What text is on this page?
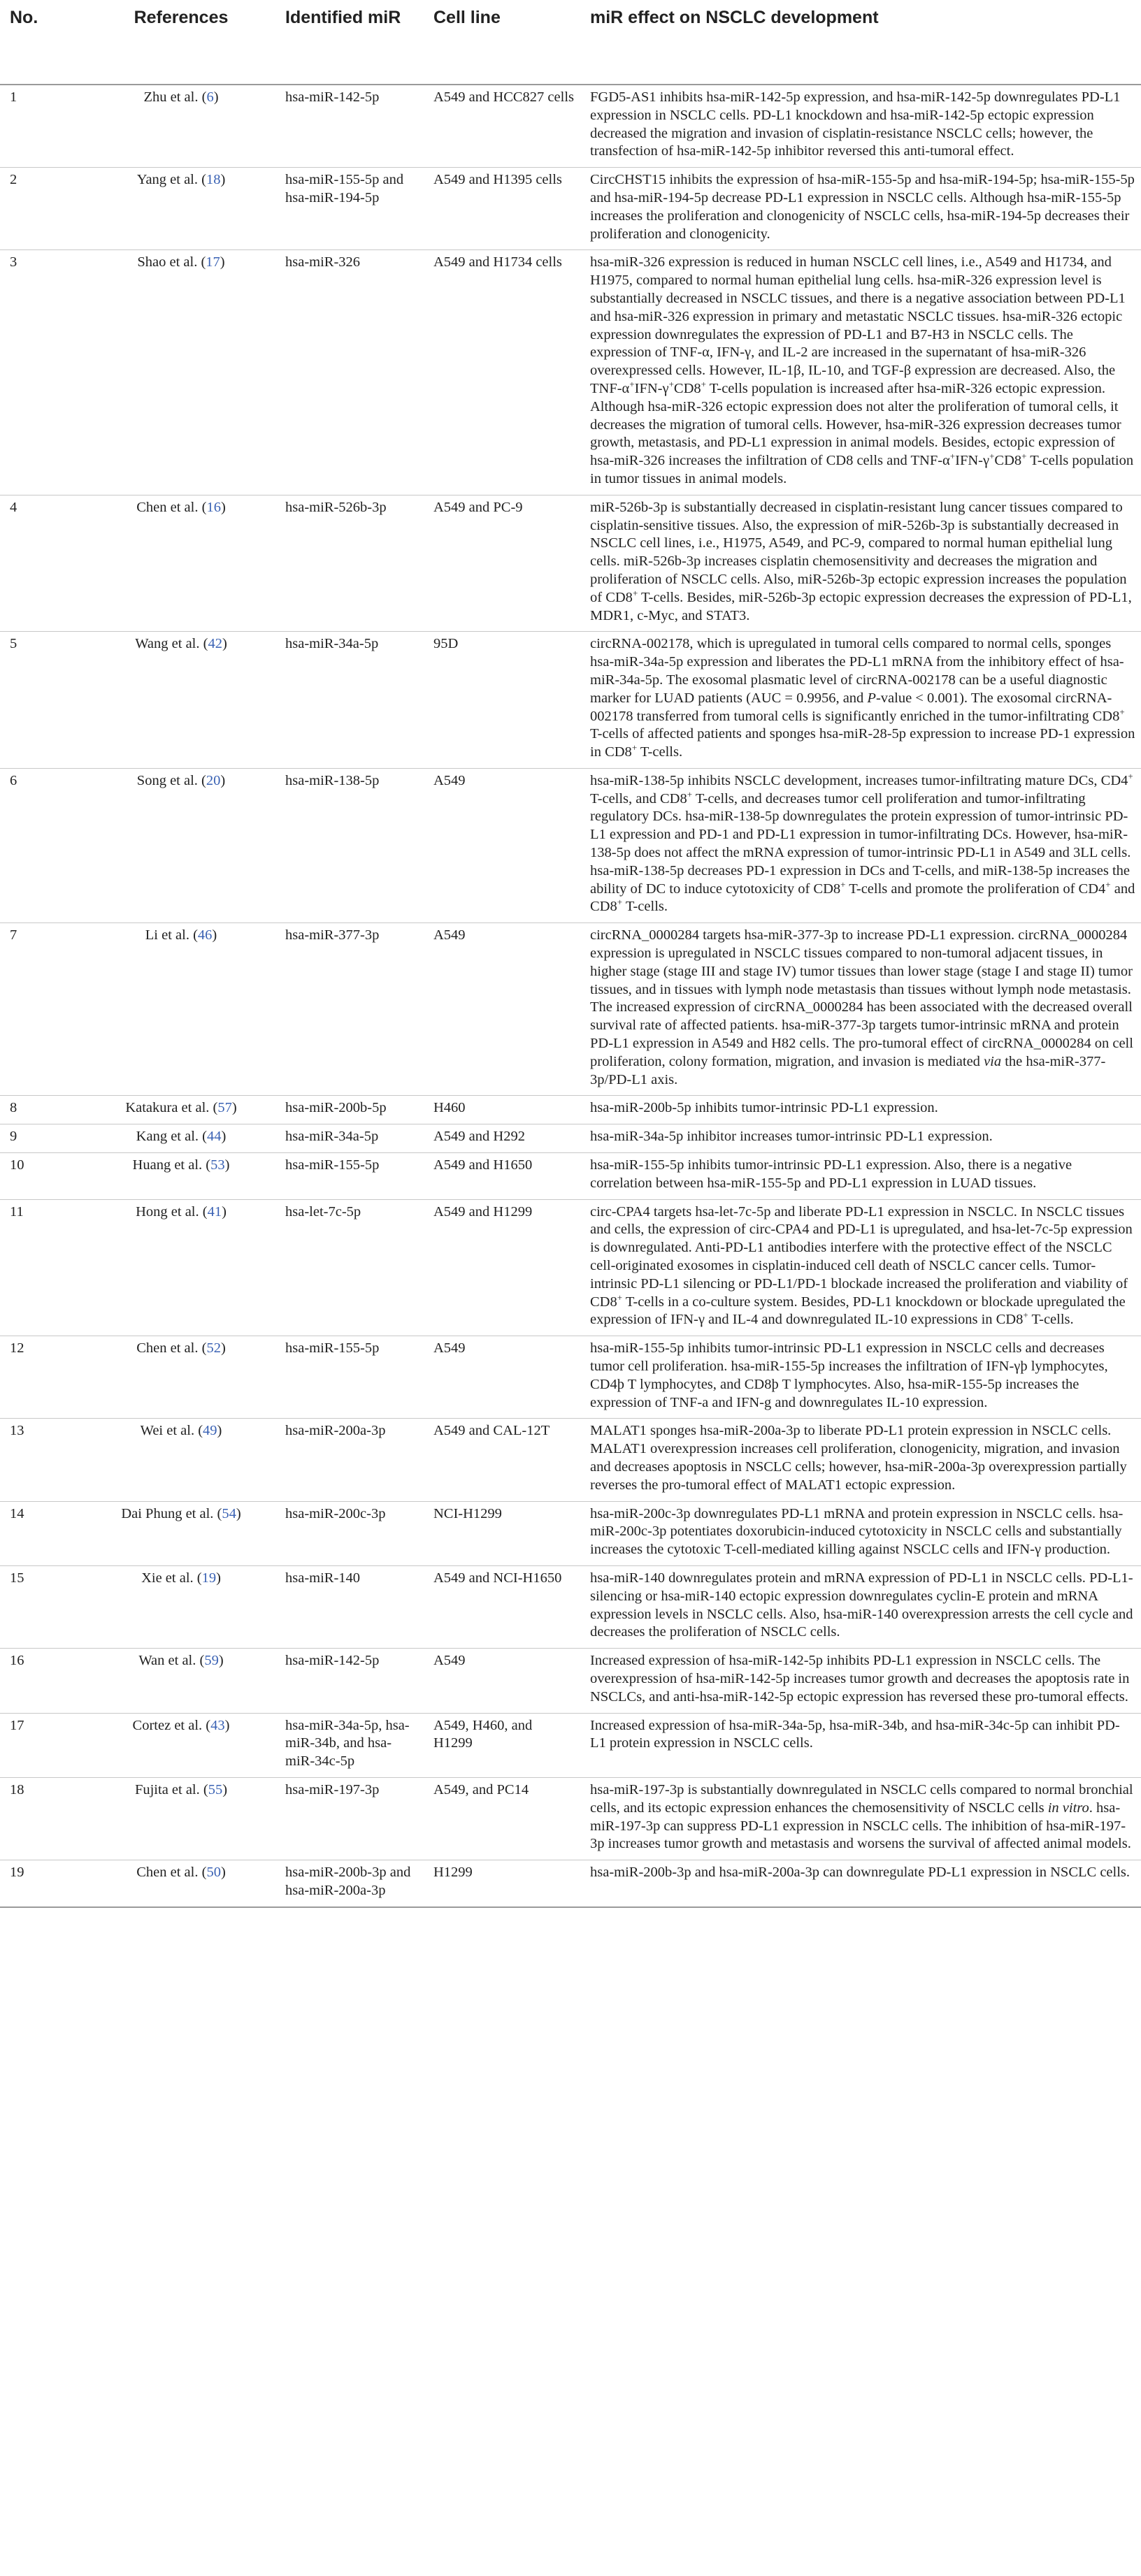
No.	References	Identified miR	Cell line	miR effect on NSCLC development
1	Zhu et al. (6)	hsa-miR-142-5p	A549 and HCC827 cells	FGD5-AS1 inhibits hsa-miR-142-5p expression, and hsa-miR-142-5p downregulates PD-L1 expression in NSCLC cells. PD-L1 knockdown and hsa-miR-142-5p ectopic expression decreased the migration and invasion of cisplatin-resistance NSCLC cells; however, the transfection of hsa-miR-142-5p inhibitor reversed this anti-tumoral effect.
2	Yang et al. (18)	hsa-miR-155-5p and hsa-miR-194-5p	A549 and H1395 cells	CircCHST15 inhibits the expression of hsa-miR-155-5p and hsa-miR-194-5p; hsa-miR-155-5p and hsa-miR-194-5p decrease PD-L1 expression in NSCLC cells. Although hsa-miR-155-5p increases the proliferation and clonogenicity of NSCLC cells, hsa-miR-194-5p decreases their proliferation and clonogenicity.
3	Shao et al. (17)	hsa-miR-326	A549 and H1734 cells	hsa-miR-326 expression is reduced in human NSCLC cell lines, i.e., A549 and H1734, and H1975, compared to normal human epithelial lung cells. hsa-miR-326 expression level is substantially decreased in NSCLC tissues, and there is a negative association between PD-L1 and hsa-miR-326 expression in primary and metastatic NSCLC tissues. hsa-miR-326 ectopic expression downregulates the expression of PD-L1 and B7-H3 in NSCLC cells. The expression of TNF-α, IFN-γ, and IL-2 are increased in the supernatant of hsa-miR-326 overexpressed cells. However, IL-1β, IL-10, and TGF-β expression are decreased. Also, the TNF-α+IFN-γ+CD8+ T-cells population is increased after hsa-miR-326 ectopic expression. Although hsa-miR-326 ectopic expression does not alter the proliferation of tumoral cells, it decreases the migration of tumoral cells. However, hsa-miR-326 expression decreases tumor growth, metastasis, and PD-L1 expression in animal models. Besides, ectopic expression of hsa-miR-326 increases the infiltration of CD8 cells and TNF-α+IFN-γ+CD8+ T-cells population in tumor tissues in animal models.
4	Chen et al. (16)	hsa-miR-526b-3p	A549 and PC-9	miR-526b-3p is substantially decreased in cisplatin-resistant lung cancer tissues compared to cisplatin-sensitive tissues. Also, the expression of miR-526b-3p is substantially decreased in NSCLC cell lines, i.e., H1975, A549, and PC-9, compared to normal human epithelial lung cells. miR-526b-3p increases cisplatin chemosensitivity and decreases the migration and proliferation of NSCLC cells. Also, miR-526b-3p ectopic expression increases the population of CD8+ T-cells. Besides, miR-526b-3p ectopic expression decreases the expression of PD-L1, MDR1, c-Myc, and STAT3.
5	Wang et al. (42)	hsa-miR-34a-5p	95D	circRNA-002178, which is upregulated in tumoral cells compared to normal cells, sponges hsa-miR-34a-5p expression and liberates the PD-L1 mRNA from the inhibitory effect of hsa-miR-34a-5p. The exosomal plasmatic level of circRNA-002178 can be a useful diagnostic marker for LUAD patients (AUC = 0.9956, and P-value < 0.001). The exosomal circRNA-002178 transferred from tumoral cells is significantly enriched in the tumor-infiltrating CD8+ T-cells of affected patients and sponges hsa-miR-28-5p expression to increase PD-1 expression in CD8+ T-cells.
6	Song et al. (20)	hsa-miR-138-5p	A549	hsa-miR-138-5p inhibits NSCLC development, increases tumor-infiltrating mature DCs, CD4+ T-cells, and CD8+ T-cells, and decreases tumor cell proliferation and tumor-infiltrating regulatory DCs. hsa-miR-138-5p downregulates the protein expression of tumor-intrinsic PD-L1 expression and PD-1 and PD-L1 expression in tumor-infiltrating DCs. However, hsa-miR-138-5p does not affect the mRNA expression of tumor-intrinsic PD-L1 in A549 and 3LL cells. hsa-miR-138-5p decreases PD-1 expression in DCs and T-cells, and miR-138-5p increases the ability of DC to induce cytotoxicity of CD8+ T-cells and promote the proliferation of CD4+ and CD8+ T-cells.
7	Li et al. (46)	hsa-miR-377-3p	A549	circRNA_0000284 targets hsa-miR-377-3p to increase PD-L1 expression. circRNA_0000284 expression is upregulated in NSCLC tissues compared to non-tumoral adjacent tissues, in higher stage (stage III and stage IV) tumor tissues than lower stage (stage I and stage II) tumor tissues, and in tissues with lymph node metastasis than tissues without lymph node metastasis. The increased expression of circRNA_0000284 has been associated with the decreased overall survival rate of affected patients. hsa-miR-377-3p targets tumor-intrinsic mRNA and protein PD-L1 expression in A549 and H82 cells. The pro-tumoral effect of circRNA_0000284 on cell proliferation, colony formation, migration, and invasion is mediated via the hsa-miR-377-3p/PD-L1 axis.
8	Katakura et al. (57)	hsa-miR-200b-5p	H460	hsa-miR-200b-5p inhibits tumor-intrinsic PD-L1 expression.
9	Kang et al. (44)	hsa-miR-34a-5p	A549 and H292	hsa-miR-34a-5p inhibitor increases tumor-intrinsic PD-L1 expression.
10	Huang et al. (53)	hsa-miR-155-5p	A549 and H1650	hsa-miR-155-5p inhibits tumor-intrinsic PD-L1 expression. Also, there is a negative correlation between hsa-miR-155-5p and PD-L1 expression in LUAD tissues.
11	Hong et al. (41)	hsa-let-7c-5p	A549 and H1299	circ-CPA4 targets hsa-let-7c-5p and liberate PD-L1 expression in NSCLC. In NSCLC tissues and cells, the expression of circ-CPA4 and PD-L1 is upregulated, and hsa-let-7c-5p expression is downregulated. Anti-PD-L1 antibodies interfere with the protective effect of the NSCLC cell-originated exosomes in cisplatin-induced cell death of NSCLC cancer cells. Tumor-intrinsic PD-L1 silencing or PD-L1/PD-1 blockade increased the proliferation and viability of CD8+ T-cells in a co-culture system. Besides, PD-L1 knockdown or blockade upregulated the expression of IFN-γ and IL-4 and downregulated IL-10 expressions in CD8+ T-cells.
12	Chen et al. (52)	hsa-miR-155-5p	A549	hsa-miR-155-5p inhibits tumor-intrinsic PD-L1 expression in NSCLC cells and decreases tumor cell proliferation. hsa-miR-155-5p increases the infiltration of IFN-γþ lymphocytes, CD4þ T lymphocytes, and CD8þ T lymphocytes. Also, hsa-miR-155-5p increases the expression of TNF-a and IFN-g and downregulates IL-10 expression.
13	Wei et al. (49)	hsa-miR-200a-3p	A549 and CAL-12T	MALAT1 sponges hsa-miR-200a-3p to liberate PD-L1 protein expression in NSCLC cells. MALAT1 overexpression increases cell proliferation, clonogenicity, migration, and invasion and decreases apoptosis in NSCLC cells; however, hsa-miR-200a-3p overexpression partially reverses the pro-tumoral effect of MALAT1 ectopic expression.
14	Dai Phung et al. (54)	hsa-miR-200c-3p	NCI-H1299	hsa-miR-200c-3p downregulates PD-L1 mRNA and protein expression in NSCLC cells. hsa-miR-200c-3p potentiates doxorubicin-induced cytotoxicity in NSCLC cells and substantially increases the cytotoxic T-cell-mediated killing against NSCLC cells and IFN-γ production.
15	Xie et al. (19)	hsa-miR-140	A549 and NCI-H1650	hsa-miR-140 downregulates protein and mRNA expression of PD-L1 in NSCLC cells. PD-L1-silencing or hsa-miR-140 ectopic expression downregulates cyclin-E protein and mRNA expression levels in NSCLC cells. Also, hsa-miR-140 overexpression arrests the cell cycle and decreases the proliferation of NSCLC cells.
16	Wan et al. (59)	hsa-miR-142-5p	A549	Increased expression of hsa-miR-142-5p inhibits PD-L1 expression in NSCLC cells. The overexpression of hsa-miR-142-5p increases tumor growth and decreases the apoptosis rate in NSCLCs, and anti-hsa-miR-142-5p ectopic expression has reversed these pro-tumoral effects.
17	Cortez et al. (43)	hsa-miR-34a-5p, hsa-miR-34b, and hsa-miR-34c-5p	A549, H460, and H1299	Increased expression of hsa-miR-34a-5p, hsa-miR-34b, and hsa-miR-34c-5p can inhibit PD-L1 protein expression in NSCLC cells.
18	Fujita et al. (55)	hsa-miR-197-3p	A549, and PC14	hsa-miR-197-3p is substantially downregulated in NSCLC cells compared to normal bronchial cells, and its ectopic expression enhances the chemosensitivity of NSCLC cells in vitro. hsa-miR-197-3p can suppress PD-L1 expression in NSCLC cells. The inhibition of hsa-miR-197-3p increases tumor growth and metastasis and worsens the survival of affected animal models.
19	Chen et al. (50)	hsa-miR-200b-3p and hsa-miR-200a-3p	H1299	hsa-miR-200b-3p and hsa-miR-200a-3p can downregulate PD-L1 expression in NSCLC cells.
